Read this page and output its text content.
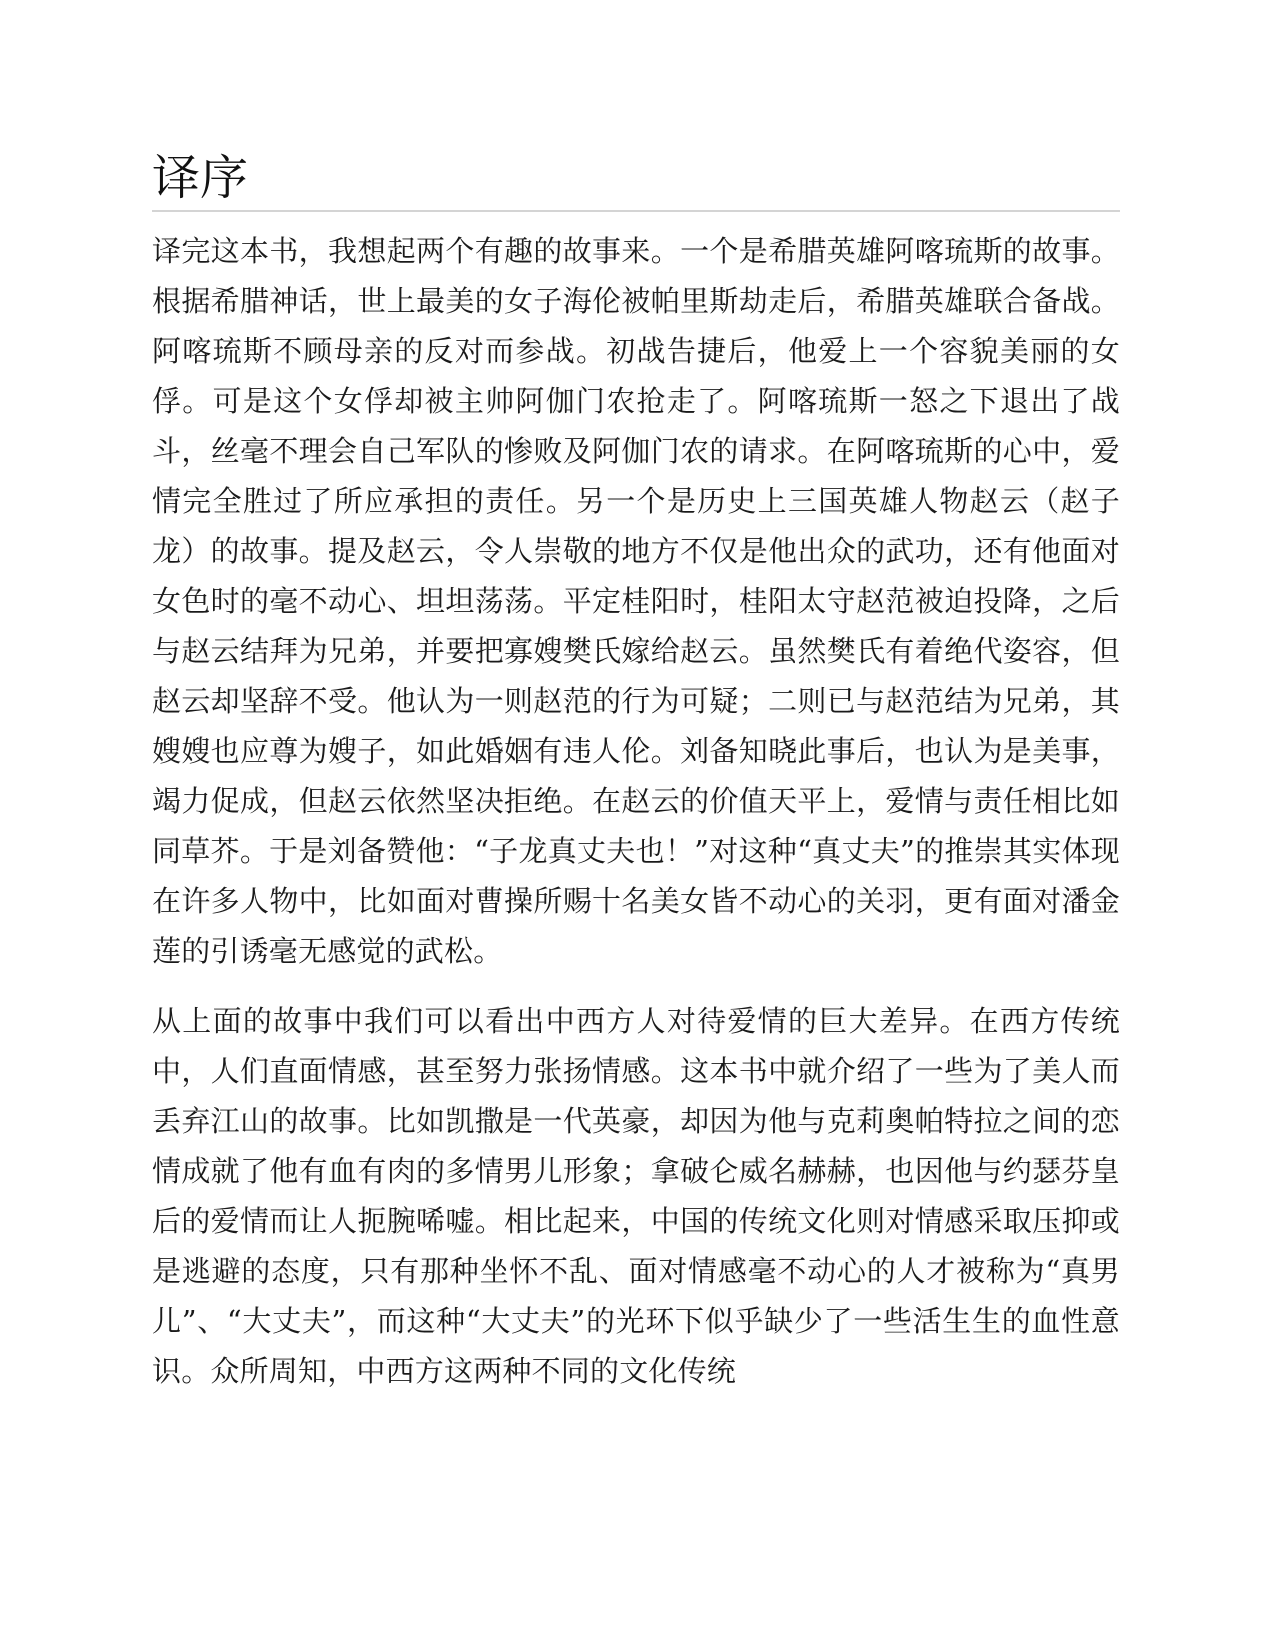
译序

译完这本书，我想起两个有趣的故事来。一个是希腊英雄阿喀琉斯的故事。根据希腊神话，世上最美的女子海伦被帕里斯劫走后，希腊英雄联合备战。阿喀琉斯不顾母亲的反对而参战。初战告捷后，他爱上一个容貌美丽的女俘。可是这个女俘却被主帅阿伽门农抢走了。阿喀琉斯一怒之下退出了战斗，丝毫不理会自己军队的惨败及阿伽门农的请求。在阿喀琉斯的心中，爱情完全胜过了所应承担的责任。另一个是历史上三国英雄人物赵云（赵子龙）的故事。提及赵云，令人崇敬的地方不仅是他出众的武功，还有他面对女色时的毫不动心、坦坦荡荡。平定桂阳时，桂阳太守赵范被迫投降，之后与赵云结拜为兄弟，并要把寡嫂樊氏嫁给赵云。虽然樊氏有着绝代姿容，但赵云却坚辞不受。他认为一则赵范的行为可疑；二则已与赵范结为兄弟，其嫂嫂也应尊为嫂子，如此婚姻有违人伦。刘备知晓此事后，也认为是美事，竭力促成，但赵云依然坚决拒绝。在赵云的价值天平上，爱情与责任相比如同草芥。于是刘备赞他：“子龙真丈夫也！”对这种“真丈夫”的推崇其实体现在许多人物中，比如面对曹操所赐十名美女皆不动心的关羽，更有面对潘金莲的引诱毫无感觉的武松。

从上面的故事中我们可以看出中西方人对待爱情的巨大差异。在西方传统中，人们直面情感，甚至努力张扬情感。这本书中就介绍了一些为了美人而丢弃江山的故事。比如凯撒是一代英豪，却因为他与克莉奥帕特拉之间的恋情成就了他有血有肉的多情男儿形象；拿破仑威名赫赫，也因他与约瑟芬皇后的爱情而让人扼腕唏嘘。相比起来，中国的传统文化则对情感采取压抑或是逃避的态度，只有那种坐怀不乱、面对情感毫不动心的人才被称为“真男儿”、“大丈夫”，而这种“大丈夫”的光环下似乎缺少了一些活生生的血性意识。众所周知，中西方这两种不同的文化传统
